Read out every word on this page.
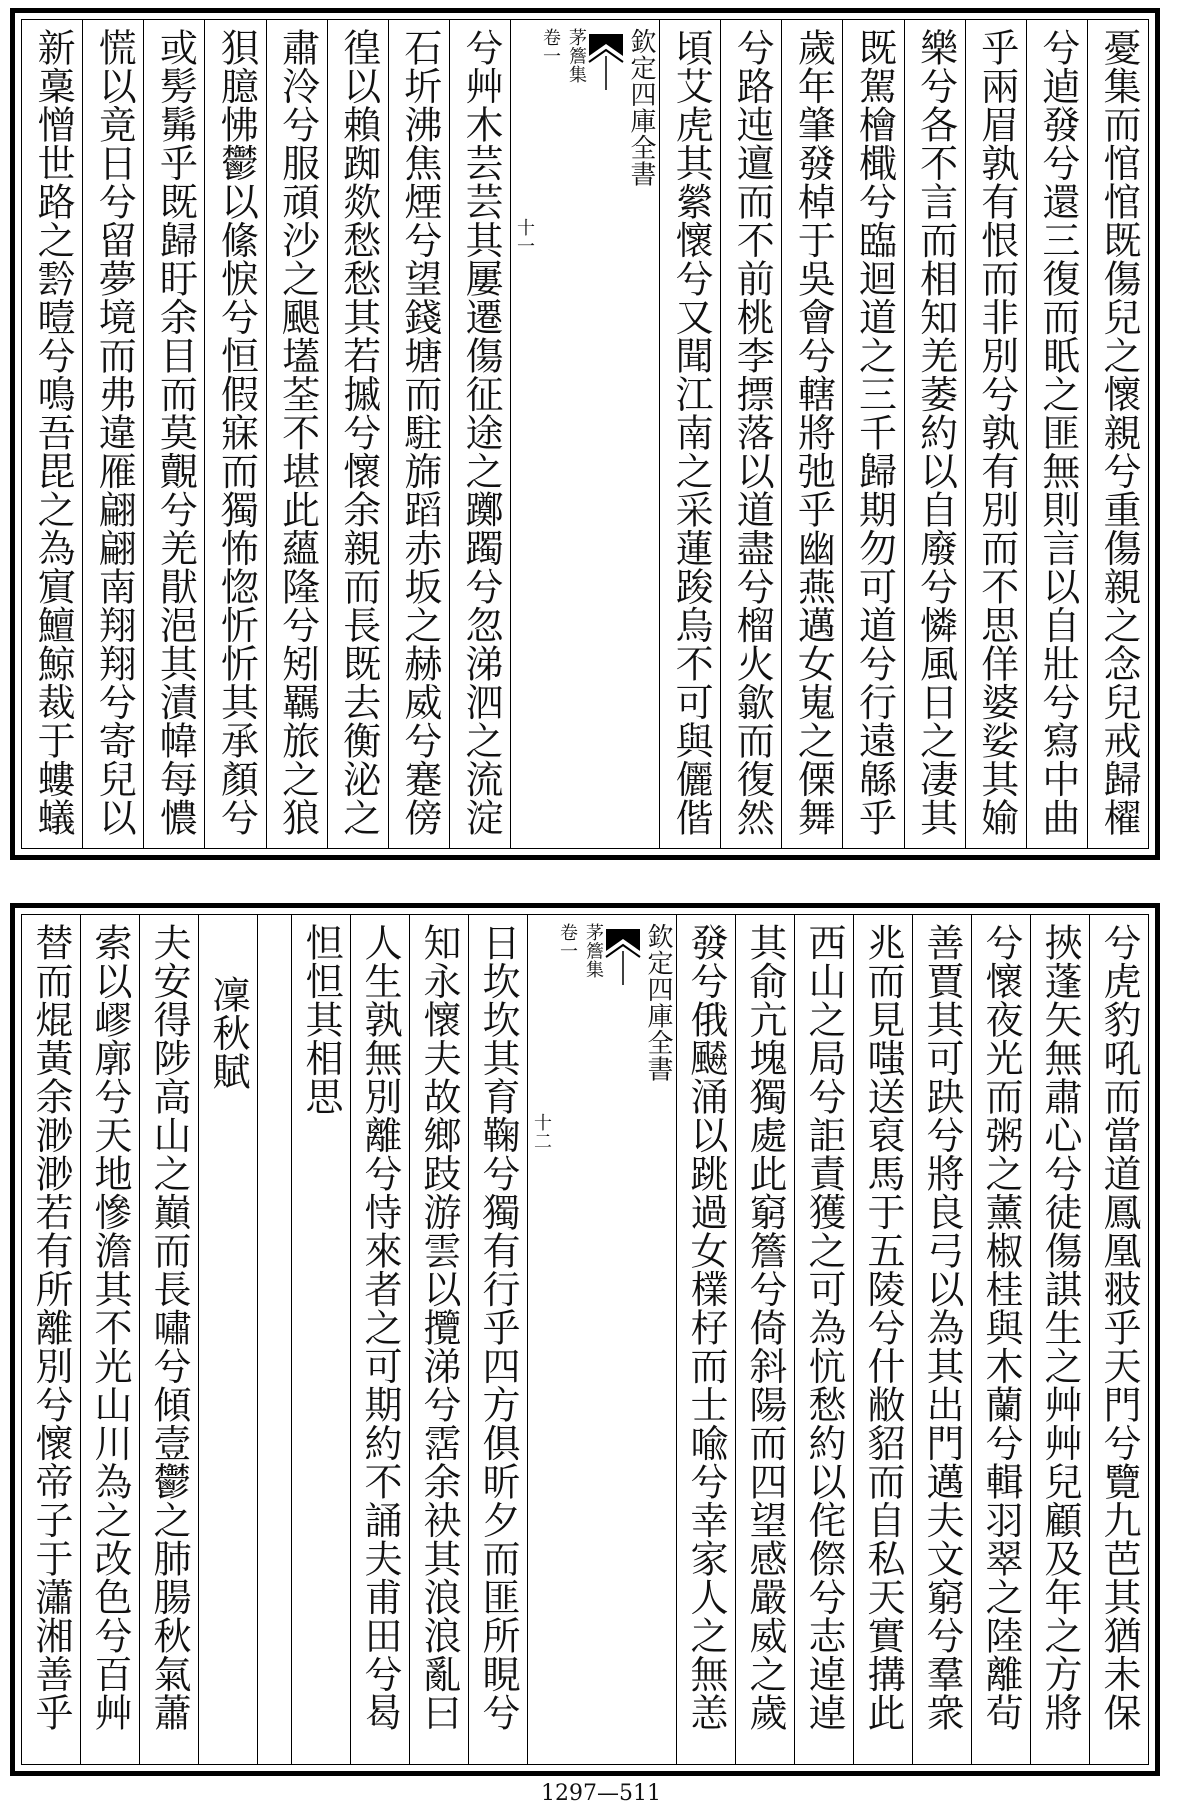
憂集而悺悺既傷兒之懷親兮重傷親之念兒戒歸櫂
兮逌發兮還三復而眂之匪無則言以自壯兮寫中曲
乎兩眉孰有恨而非別兮孰有別而不思佯婆娑其媮
樂兮各不言而相知羌萎約以自廢兮憐風日之凄其
既駕檜檝兮臨迴道之三千歸期勿可道兮行遠緜乎
歲年肇發棹于吳會兮轄將弛乎幽燕邁女嵬之傈舞
兮路迍邅而不前桃李摽落以道盡兮榴火歙而復然
頃艾虎其縈懷兮又聞江南之采蓮踆烏不可與儷偕
欽定四庫全書
茅簷集
卷一
十一
兮艸木芸芸其屢遷傷征途之躑躅兮忽涕泗之流淀
石圻沸焦煙兮望錢塘而駐旆蹈赤坂之赫威兮蹇傍
徨以賴踟欻愁愁其若摵兮懷余親而長既去衡泌之
肅泠兮服頑沙之颶壒荃不堪此蘊隆兮矧羈旅之狼
狽臆怫鬱以絛悷兮恒假寐而獨怖惚忻忻其承顏兮
或髣髴乎既歸盱余目而莫覿兮羌猒浥其漬幃每憹
慌以竟日兮留夢境而弗違雁翩翩南翔翔兮寄兒以
新稾憎世路之霒曀兮鳴吾毘之為賔鱣鯨裁于螻蟻
兮虎豹吼而當道鳳凰翄乎天門兮覽九芭其猶未保
挾蓬矢無肅心兮徒傷諆生之艸艸兒顧及年之方將
兮懷夜光而粥之薰椒桂與木蘭兮輯羽翠之陸離茍
善賈其可趹兮將良弓以為其出門邁夫文窮兮羣衆
兆而見嗤送裒馬于五陵兮什敝貂而自私天實搆此
西山之局兮詎責獲之可為忼愁約以侘傺兮志逴逴
其俞亢塊獨處此窮簷兮倚斜陽而四望感嚴威之歲
發兮俄飇涌以跳過女檏杍而士喩兮幸家人之無恙
欽定四庫全書
茅簷集
卷一
十二
日坎坎其育鞠兮獨有行乎四方俱昕夕而匪所睍兮
知永懷夫故鄉跂游雲以攬涕兮霑余袂其浪浪亂曰
人生孰無別離兮恃來者之可期約不誦夫甫田兮曷
怛怛其相思
凜秋賦
夫安得陟高山之巔而長嘯兮傾壹鬱之肺腸秋氣蕭
索以嵺廓兮天地慘澹其不光山川為之改色兮百艸
替而焜黃余渺渺若有所離別兮懷帝子于瀟湘善乎
1297—511
